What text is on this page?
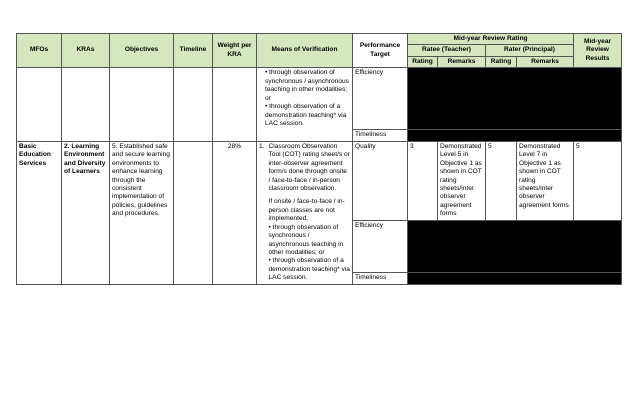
MFOs	KRAs	Objectives	Timeline	Weight per KRA	Means of Verification	Performance Target	Mid-year Review Rating				Mid-year Review Results
							Ratee (Teacher)		Rater (Principal)		
							Rating	Remarks	Rating	Remarks	

					• through observation of synchronous / asynchronous teaching in other modalities; or

• through observation of a demonstration teaching* via LAC session.	Efficiency					
						Timeliness					
Basic Education Services	2. Learning Environment and Diversity of Learners	5. Established safe and secure learning environments to enhance learning through the consistent implementation of policies, guidelines and procedures.		28%	1. Classroom Observation Tool (COT) rating sheet/s or inter-observer agreement form/s done through onsite / face-to-face / in-person classroom observation.

If onsite / face-to-face / in-person classes are not implemented,

• through observation of synchronous / asynchronous teaching in other modalities; or

• through observation of a demonstration teaching* via LAC session.	Quality	3	Demonstrated Level 5 in Objective 1 as shown in COT rating sheets/inter observer agreement forms	5	Demonstrated Level 7 in Objective 1 as shown in COT rating sheets/inter observer agreement forms	5
						Efficiency					
						Timeliness					
